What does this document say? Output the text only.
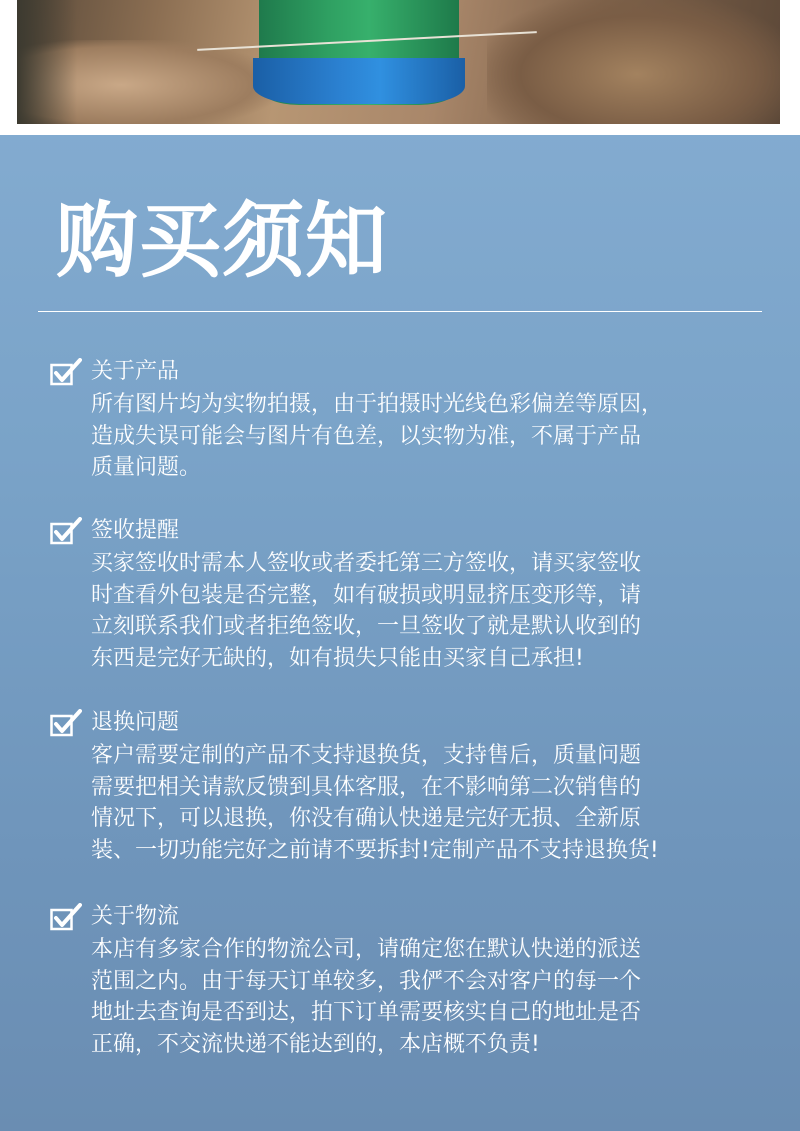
购买须知
关于产品

所有图片均为实物拍摄，由于拍摄时光线色彩偏差等原因，
造成失误可能会与图片有色差，以实物为准，不属于产品
质量问题。

签收提醒

买家签收时需本人签收或者委托第三方签收，请买家签收
时查看外包装是否完整，如有破损或明显挤压变形等，请
立刻联系我们或者拒绝签收，一旦签收了就是默认收到的
东西是完好无缺的，如有损失只能由买家自己承担!

退换问题

客户需要定制的产品不支持退换货，支持售后，质量问题
需要把相关请款反馈到具体客服，在不影响第二次销售的
情况下，可以退换，你没有确认快递是完好无损、全新原
装、一切功能完好之前请不要拆封!定制产品不支持退换货!

关于物流

本店有多家合作的物流公司，请确定您在默认快递的派送
范围之内。由于每天订单较多，我俨不会对客户的每一个
地址去查询是否到达，拍下订单需要核实自己的地址是否
正确，不交流快递不能达到的，本店概不负责!
